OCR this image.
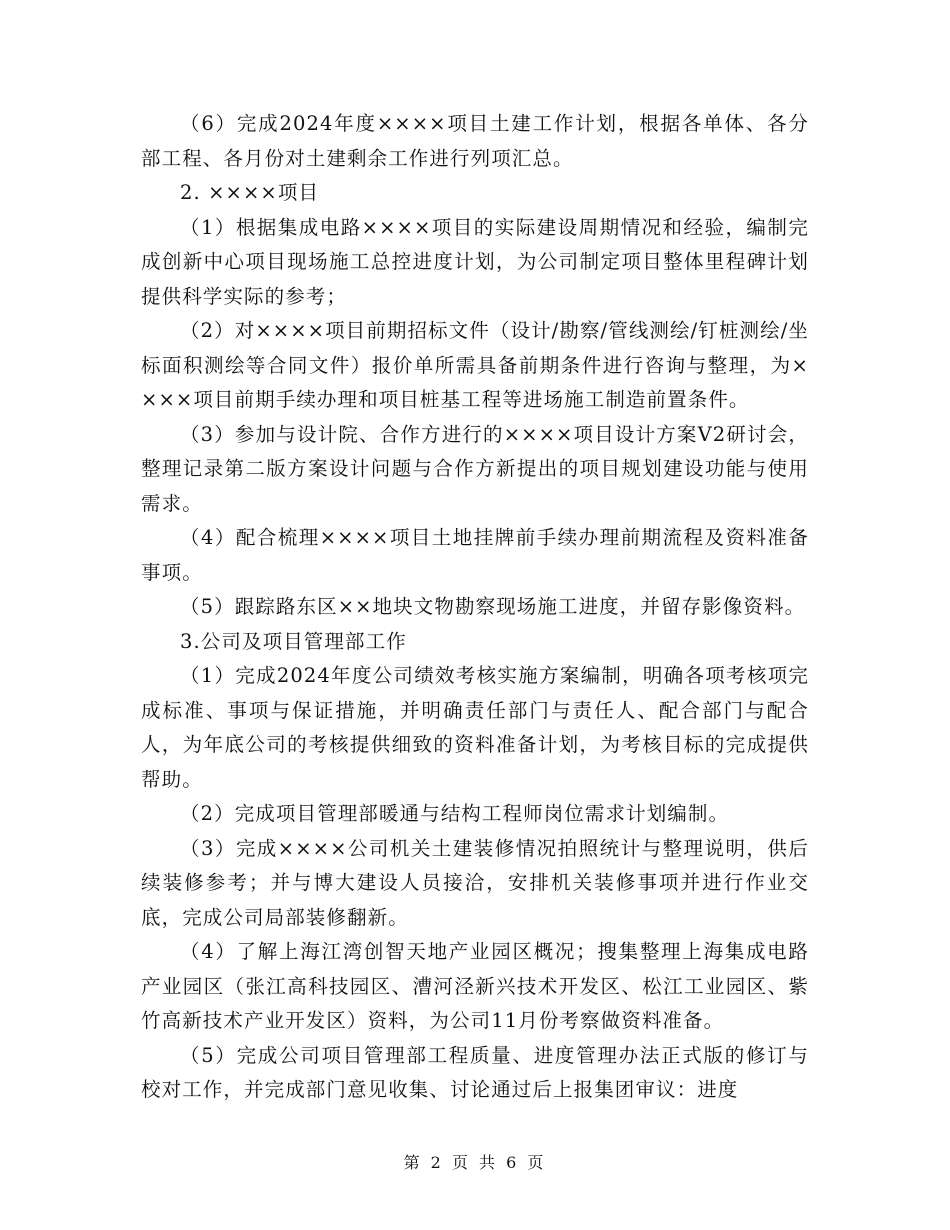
（6）完成2024年度××××项目土建工作计划，根据各单体、各分部工程、各月份对土建剩余工作进行列项汇总。

2. ××××项目

（1）根据集成电路××××项目的实际建设周期情况和经验，编制完成创新中心项目现场施工总控进度计划，为公司制定项目整体里程碑计划提供科学实际的参考；

（2）对××××项目前期招标文件（设计/勘察/管线测绘/钉桩测绘/坐标面积测绘等合同文件）报价单所需具备前期条件进行咨询与整理，为××××项目前期手续办理和项目桩基工程等进场施工制造前置条件。

（3）参加与设计院、合作方进行的××××项目设计方案V2研讨会，整理记录第二版方案设计问题与合作方新提出的项目规划建设功能与使用需求。

（4）配合梳理××××项目土地挂牌前手续办理前期流程及资料准备事项。

（5）跟踪路东区××地块文物勘察现场施工进度，并留存影像资料。

3.公司及项目管理部工作

（1）完成2024年度公司绩效考核实施方案编制，明确各项考核项完成标准、事项与保证措施，并明确责任部门与责任人、配合部门与配合人，为年底公司的考核提供细致的资料准备计划，为考核目标的完成提供帮助。

（2）完成项目管理部暖通与结构工程师岗位需求计划编制。

（3）完成××××公司机关土建装修情况拍照统计与整理说明，供后续装修参考；并与博大建设人员接洽，安排机关装修事项并进行作业交底，完成公司局部装修翻新。

（4）了解上海江湾创智天地产业园区概况；搜集整理上海集成电路产业园区（张江高科技园区、漕河泾新兴技术开发区、松江工业园区、紫竹高新技术产业开发区）资料，为公司11月份考察做资料准备。

（5）完成公司项目管理部工程质量、进度管理办法正式版的修订与校对工作，并完成部门意见收集、讨论通过后上报集团审议：进度

第 2 页 共 6 页
